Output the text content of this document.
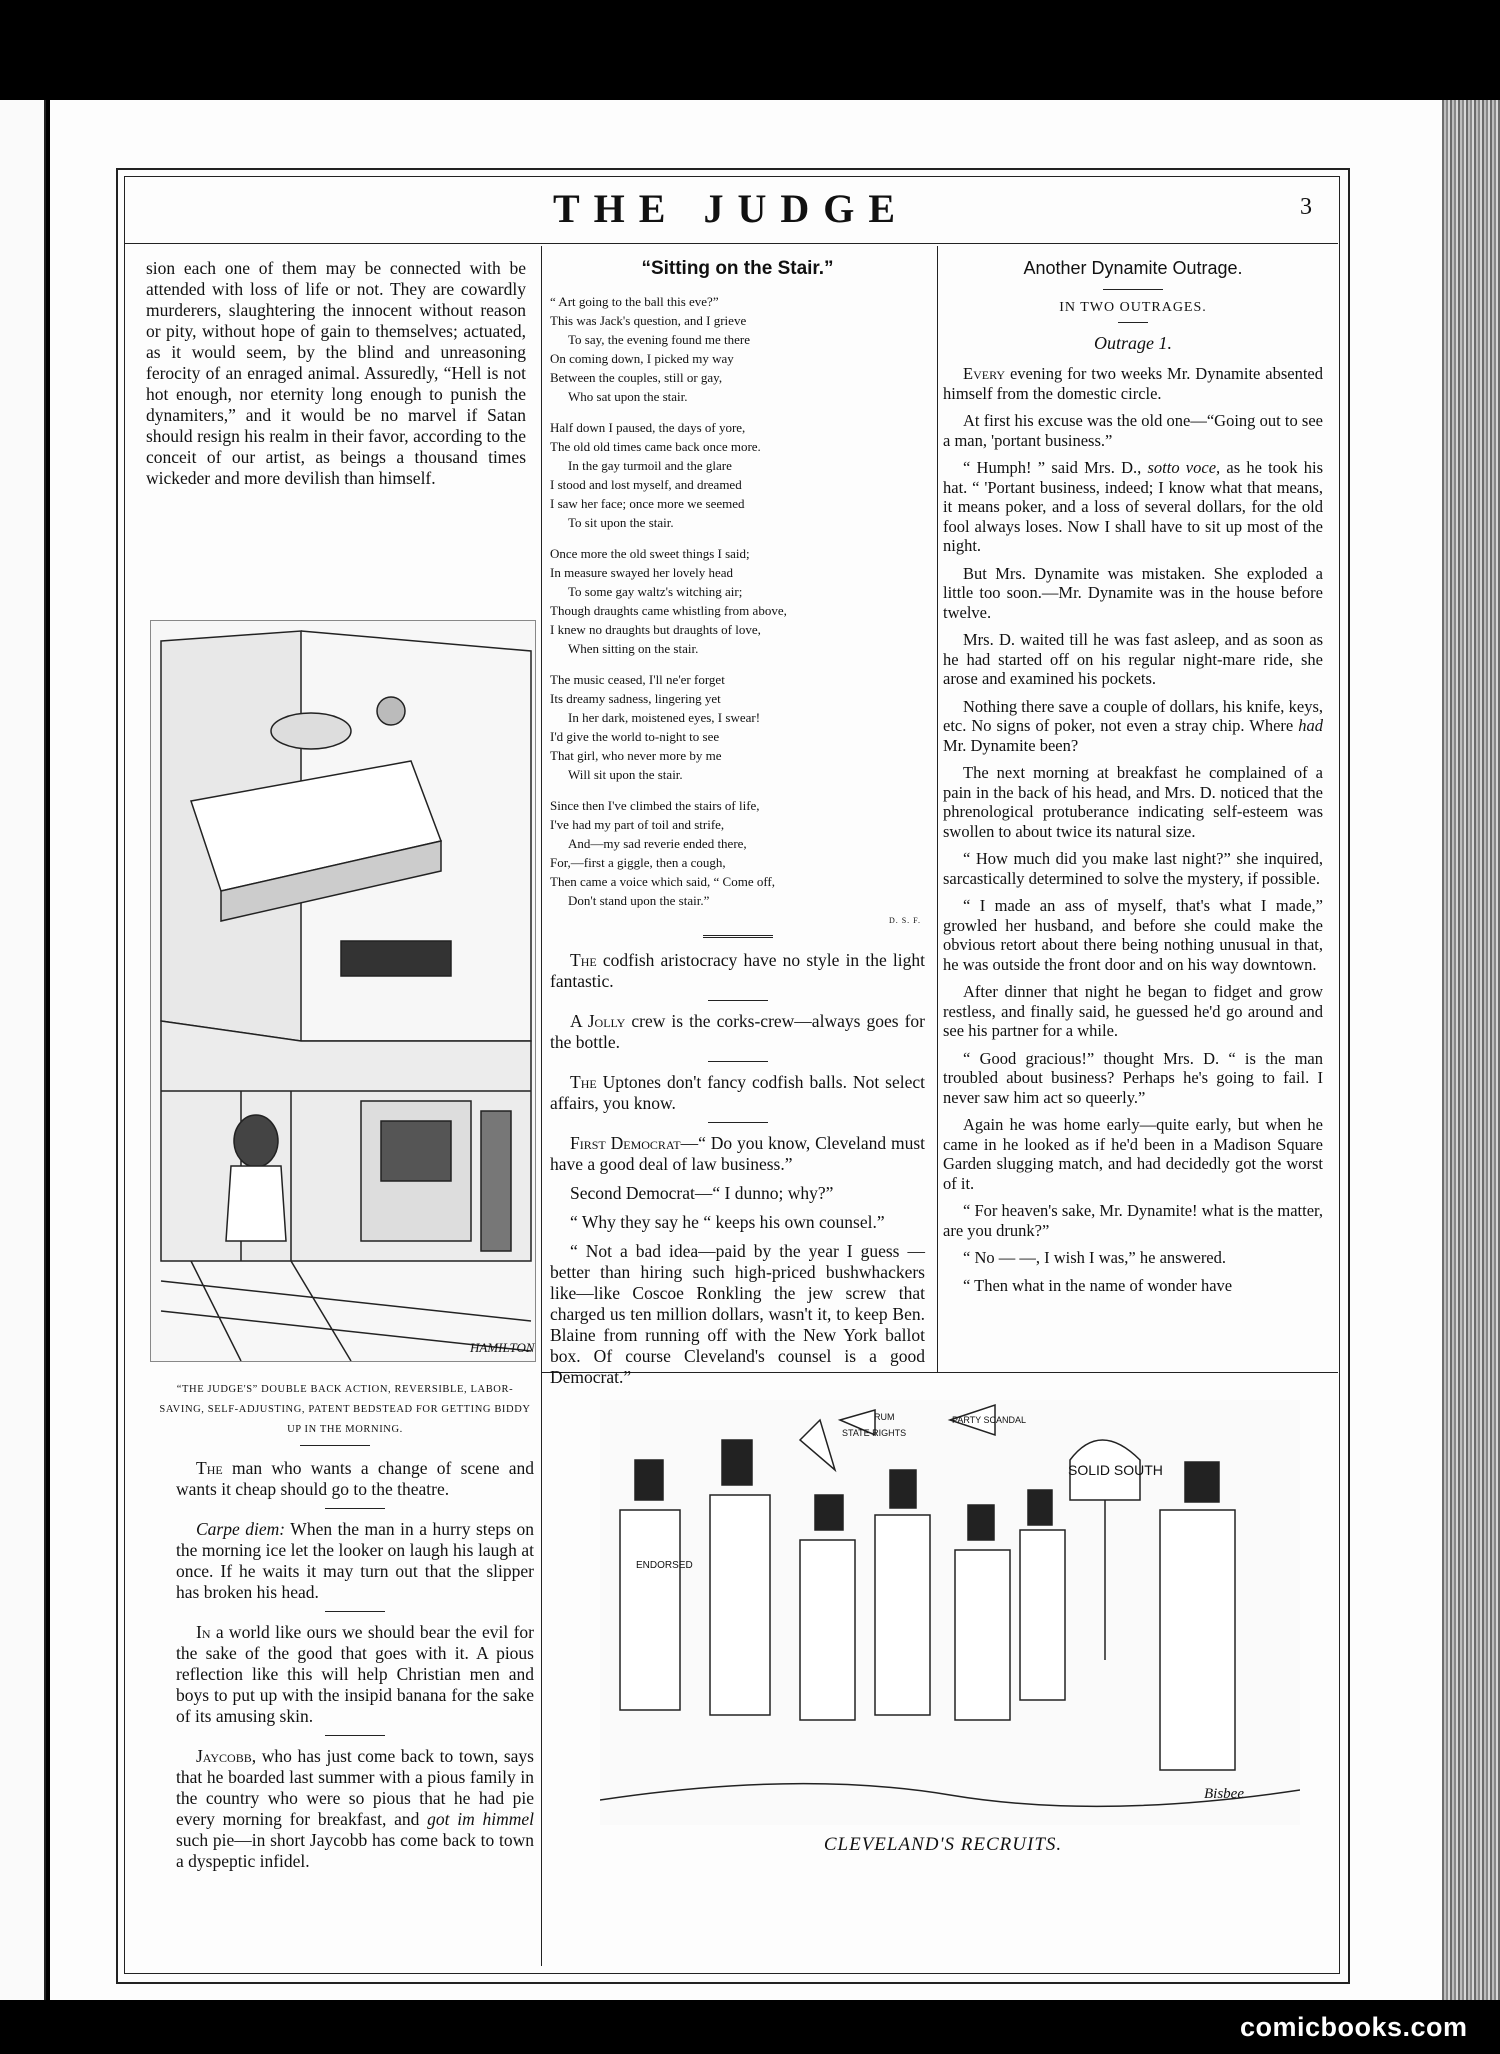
THE JUDGE	3

sion each one of them may be connected with be attended with loss of life or not. They are cowardly murderers, slaughtering the innocent without reason or pity, without hope of gain to themselves; actuated, as it would seem, by the blind and unreasoning ferocity of an enraged animal. Assuredly, “Hell is not hot enough, nor eternity long enough to punish the dynamiters,” and it would be no marvel if Satan should resign his realm in their favor, according to the conceit of our artist, as beings a thousand times wickeder and more devilish than himself.

HAMILTON
“THE JUDGE'S” DOUBLE BACK ACTION, REVERSIBLE, LABOR-SAVING, SELF-ADJUSTING, PATENT BEDSTEAD FOR GETTING BIDDY UP IN THE MORNING.

The man who wants a change of scene and wants it cheap should go to the theatre.

Carpe diem: When the man in a hurry steps on the morning ice let the looker on laugh his laugh at once. If he waits it may turn out that the slipper has broken his head.

In a world like ours we should bear the evil for the sake of the good that goes with it. A pious reflection like this will help Christian men and boys to put up with the insipid banana for the sake of its amusing skin.

Jaycobb, who has just come back to town, says that he boarded last summer with a pious family in the country who were so pious that he had pie every morning for breakfast, and got im himmel such pie—in short Jaycobb has come back to town a dyspeptic infidel.

“Sitting on the Stair.”
“ Art going to the ball this eve?”
This was Jack's question, and I grieve
To say, the evening found me there
On coming down, I picked my way
Between the couples, still or gay,
Who sat upon the stair.
Half down I paused, the days of yore,
The old old times came back once more.
In the gay turmoil and the glare
I stood and lost myself, and dreamed
I saw her face; once more we seemed
To sit upon the stair.
Once more the old sweet things I said;
In measure swayed her lovely head
To some gay waltz's witching air;
Though draughts came whistling from above,
I knew no draughts but draughts of love,
When sitting on the stair.
The music ceased, I'll ne'er forget
Its dreamy sadness, lingering yet
In her dark, moistened eyes, I swear!
I'd give the world to-night to see
That girl, who never more by me
Will sit upon the stair.
Since then I've climbed the stairs of life,
I've had my part of toil and strife,
And—my sad reverie ended there,
For,—first a giggle, then a cough,
Then came a voice which said, “ Come off,
Don't stand upon the stair.”
D. S. F.

The codfish aristocracy have no style in the light fantastic.

A Jolly crew is the corks-crew—always goes for the bottle.

The Uptones don't fancy codfish balls. Not select affairs, you know.

First Democrat—“ Do you know, Cleveland must have a good deal of law business.”

Second Democrat—“ I dunno; why?”

“ Why they say he “ keeps his own counsel.”

“ Not a bad idea—paid by the year I guess —better than hiring such high-priced bushwhackers like—like Coscoe Ronkling the jew screw that charged us ten million dollars, wasn't it, to keep Ben. Blaine from running off with the New York ballot box. Of course Cleveland's counsel is a good Democrat.”

Another Dynamite Outrage.
IN TWO OUTRAGES.
Outrage 1.

Every evening for two weeks Mr. Dynamite absented himself from the domestic circle.

At first his excuse was the old one—“Going out to see a man, 'portant business.”

“ Humph! ” said Mrs. D., sotto voce, as he took his hat. “ 'Portant business, indeed; I know what that means, it means poker, and a loss of several dollars, for the old fool always loses. Now I shall have to sit up most of the night.

But Mrs. Dynamite was mistaken. She exploded a little too soon.—Mr. Dynamite was in the house before twelve.

Mrs. D. waited till he was fast asleep, and as soon as he had started off on his regular night-mare ride, she arose and examined his pockets.

Nothing there save a couple of dollars, his knife, keys, etc. No signs of poker, not even a stray chip. Where had Mr. Dynamite been?

The next morning at breakfast he complained of a pain in the back of his head, and Mrs. D. noticed that the phrenological protuberance indicating self-esteem was swollen to about twice its natural size.

“ How much did you make last night?” she inquired, sarcastically determined to solve the mystery, if possible.

“ I made an ass of myself, that's what I made,” growled her husband, and before she could make the obvious retort about there being nothing unusual in that, he was outside the front door and on his way downtown.

After dinner that night he began to fidget and grow restless, and finally said, he guessed he'd go around and see his partner for a while.

“ Good gracious!” thought Mrs. D. “ is the man troubled about business? Perhaps he's going to fail. I never saw him act so queerly.”

Again he was home early—quite early, but when he came in he looked as if he'd been in a Madison Square Garden slugging match, and had decidedly got the worst of it.

“ For heaven's sake, Mr. Dynamite! what is the matter, are you drunk?”

“ No — —, I wish I was,” he answered.

“ Then what in the name of wonder have

SOLID SOUTH
STATE RIGHTS
PARTY SCANDAL
RUM
ENDORSED
Bisbee
CLEVELAND'S RECRUITS.
comicbooks.com
